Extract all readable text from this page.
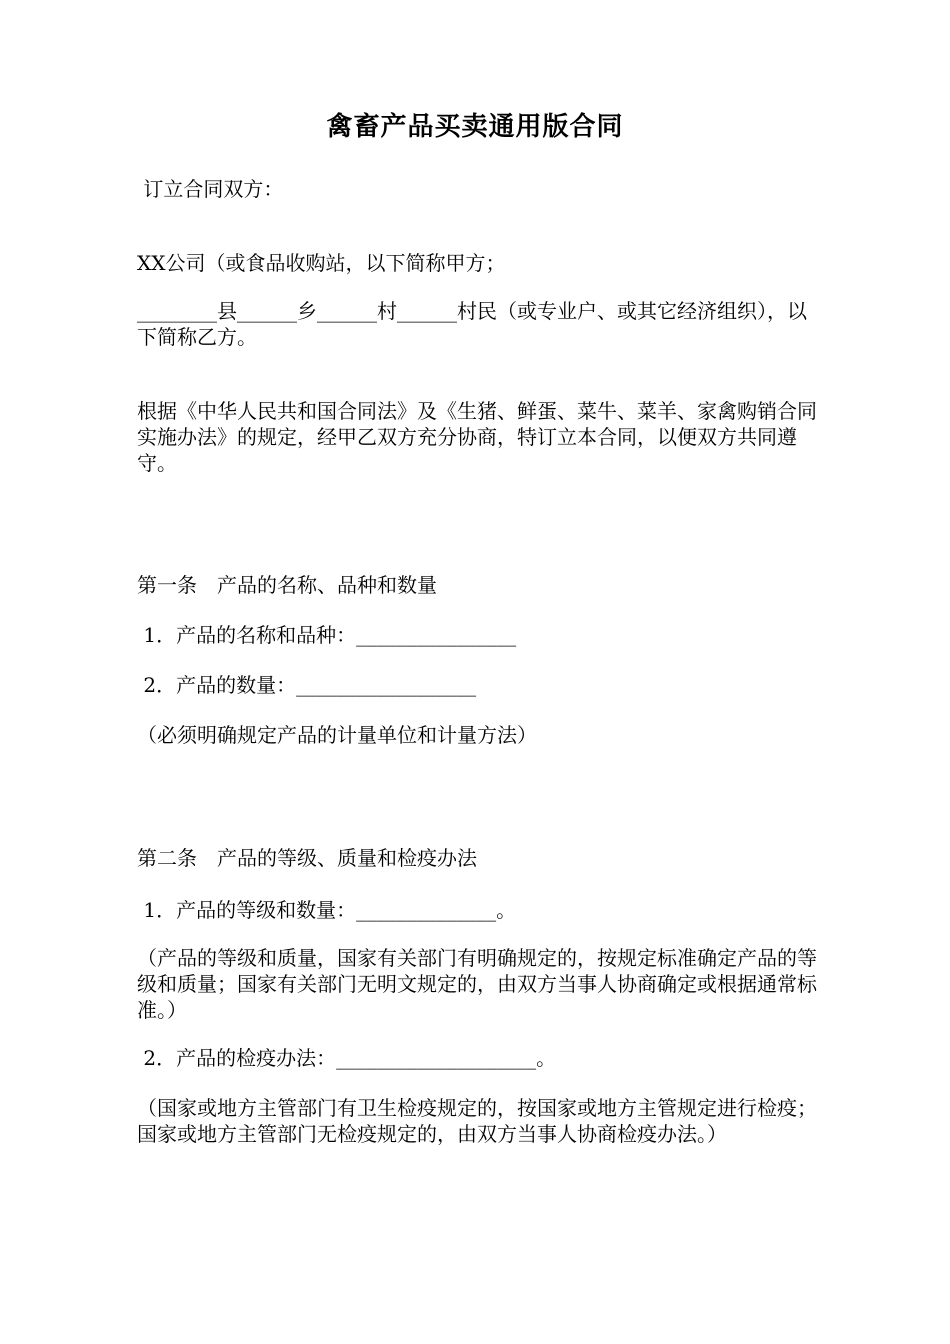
禽畜产品买卖通用版合同
订立合同双方：
XX公司（或食品收购站，以下简称甲方；
________县______乡______村______村民（或专业户、或其它经济组织），以下简称乙方。
根据《中华人民共和国合同法》及《生猪、鲜蛋、菜牛、菜羊、家禽购销合同实施办法》的规定，经甲乙双方充分协商，特订立本合同，以便双方共同遵守。
第一条　产品的名称、品种和数量
1．产品的名称和品种：________________
2．产品的数量：__________________
（必须明确规定产品的计量单位和计量方法）
第二条　产品的等级、质量和检疫办法
1．产品的等级和数量：______________。
（产品的等级和质量，国家有关部门有明确规定的，按规定标准确定产品的等级和质量；国家有关部门无明文规定的，由双方当事人协商确定或根据通常标准。）
2．产品的检疫办法：____________________。
（国家或地方主管部门有卫生检疫规定的，按国家或地方主管规定进行检疫；国家或地方主管部门无检疫规定的，由双方当事人协商检疫办法。）
